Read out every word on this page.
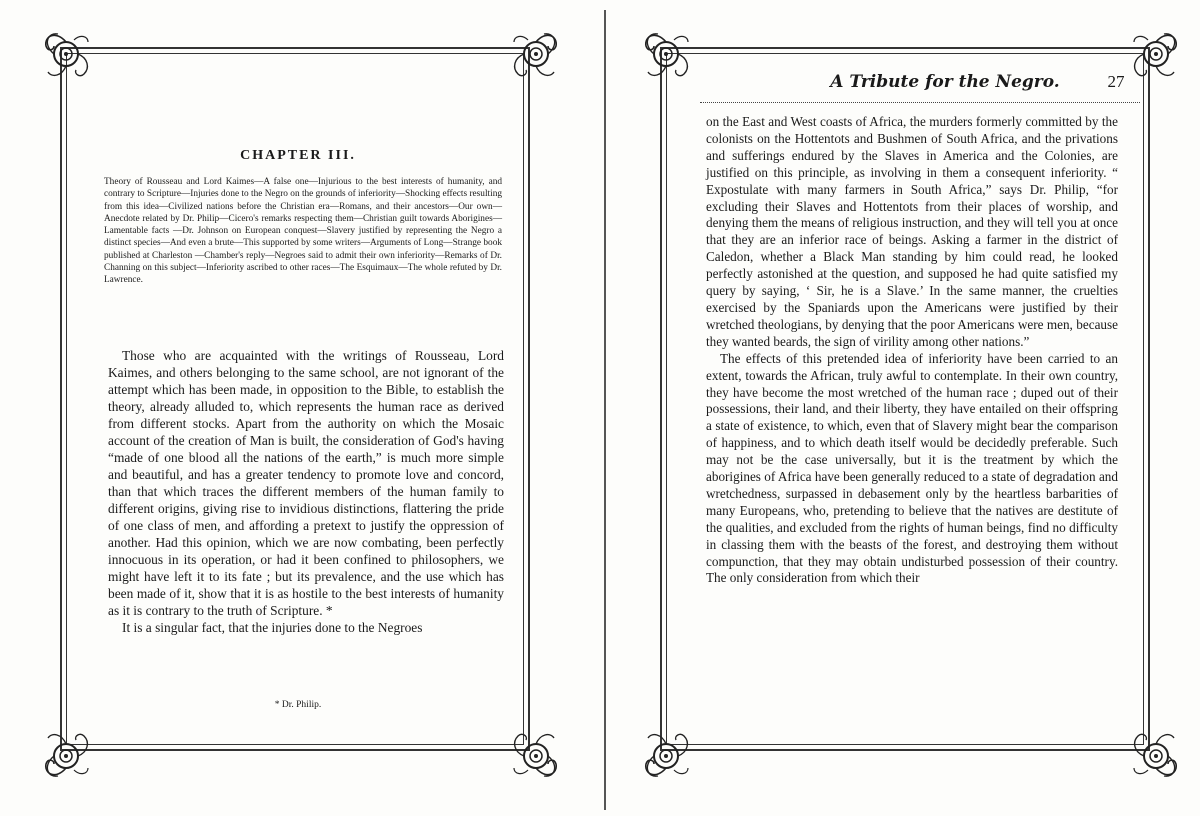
CHAPTER III.

Theory of Rousseau and Lord Kaimes—A false one—Injurious to the best interests of humanity, and contrary to Scripture—Injuries done to the Negro on the grounds of inferiority—Shocking effects resulting from this idea—Civilized nations before the Christian era—Romans, and their ancestors—Our own—Anecdote related by Dr. Philip—Cicero's remarks respecting them—Christian guilt towards Aborigines—Lamentable facts —Dr. Johnson on European conquest—Slavery justified by representing the Negro a distinct species—And even a brute—This supported by some writers—Arguments of Long—Strange book published at Charleston —Chamber's reply—Negroes said to admit their own inferiority—Remarks of Dr. Channing on this subject—Inferiority ascribed to other races—The Esquimaux—The whole refuted by Dr. Lawrence.

Those who are acquainted with the writings of Rousseau, Lord Kaimes, and others belonging to the same school, are not ignorant of the attempt which has been made, in opposition to the Bible, to establish the theory, already alluded to, which represents the human race as derived from different stocks. Apart from the authority on which the Mosaic account of the creation of Man is built, the consideration of God's having “made of one blood all the nations of the earth,” is much more simple and beautiful, and has a greater tendency to promote love and concord, than that which traces the different members of the human family to different origins, giving rise to invidious distinctions, flattering the pride of one class of men, and affording a pretext to justify the oppression of another. Had this opinion, which we are now combating, been perfectly innocuous in its operation, or had it been confined to philosophers, we might have left it to its fate ; but its prevalence, and the use which has been made of it, show that it is as hostile to the best interests of humanity as it is contrary to the truth of Scripture. *

It is a singular fact, that the injuries done to the Negroes

* Dr. Philip.
A Tribute for the Negro.	27

on the East and West coasts of Africa, the murders formerly committed by the colonists on the Hottentots and Bushmen of South Africa, and the privations and sufferings endured by the Slaves in America and the Colonies, are justified on this principle, as involving in them a consequent inferiority. “ Expostulate with many farmers in South Africa,” says Dr. Philip, “for excluding their Slaves and Hottentots from their places of worship, and denying them the means of religious instruction, and they will tell you at once that they are an inferior race of beings. Asking a farmer in the district of Caledon, whether a Black Man standing by him could read, he looked perfectly astonished at the question, and supposed he had quite satisfied my query by saying, ‘ Sir, he is a Slave.’ In the same manner, the cruelties exercised by the Spaniards upon the Americans were justified by their wretched theologians, by denying that the poor Americans were men, because they wanted beards, the sign of virility among other nations.”

The effects of this pretended idea of inferiority have been carried to an extent, towards the African, truly awful to contemplate. In their own country, they have become the most wretched of the human race ; duped out of their possessions, their land, and their liberty, they have entailed on their offspring a state of existence, to which, even that of Slavery might bear the comparison of happiness, and to which death itself would be decidedly preferable. Such may not be the case universally, but it is the treatment by which the aborigines of Africa have been generally reduced to a state of degradation and wretchedness, surpassed in debasement only by the heartless barbarities of many Europeans, who, pretending to believe that the natives are destitute of the qualities, and excluded from the rights of human beings, find no difficulty in classing them with the beasts of the forest, and destroying them without compunction, that they may obtain undisturbed possession of their country. The only consideration from which their
